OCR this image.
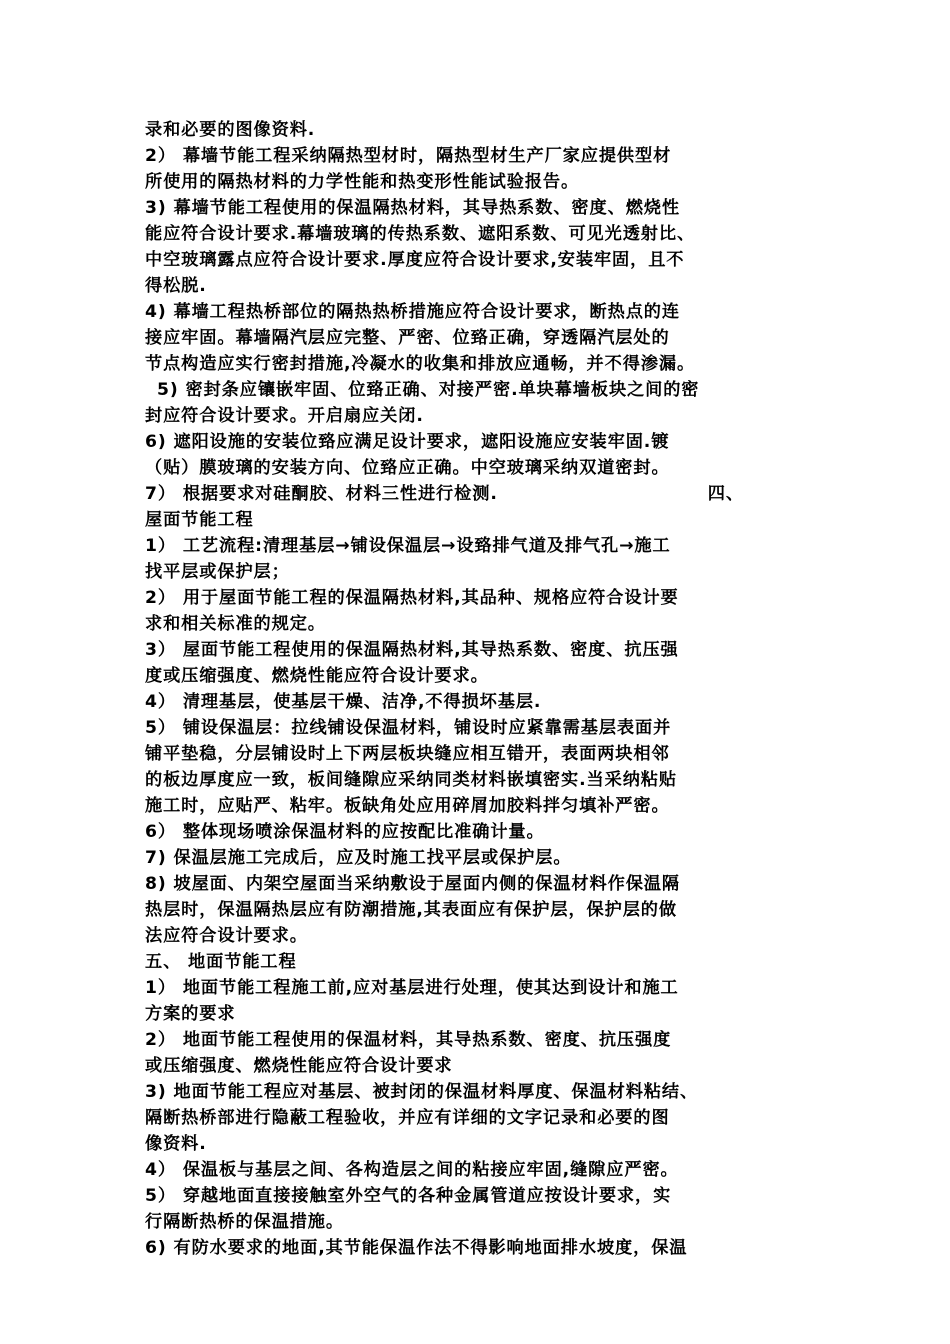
录和必要的图像资料.
2） 幕墙节能工程采纳隔热型材时，隔热型材生产厂家应提供型材
所使用的隔热材料的力学性能和热变形性能试验报告。
3) 幕墙节能工程使用的保温隔热材料，其导热系数、密度、燃烧性
能应符合设计要求.幕墙玻璃的传热系数、遮阳系数、可见光透射比、
中空玻璃露点应符合设计要求.厚度应符合设计要求,安装牢固，且不
得松脱.
4) 幕墙工程热桥部位的隔热热桥措施应符合设计要求，断热点的连
接应牢固。幕墙隔汽层应完整、严密、位臵正确，穿透隔汽层处的
节点构造应实行密封措施,冷凝水的收集和排放应通畅，并不得渗漏。
5) 密封条应镶嵌牢固、位臵正确、对接严密.单块幕墙板块之间的密
封应符合设计要求。开启扇应关闭.
6) 遮阳设施的安装位臵应满足设计要求，遮阳设施应安装牢固.镀
（贴）膜玻璃的安装方向、位臵应正确。中空玻璃采纳双道密封。
7） 根据要求对硅酮胶、材料三性进行检测.	四、
屋面节能工程
1） 工艺流程:清理基层→铺设保温层→设臵排气道及排气孔→施工
找平层或保护层；
2） 用于屋面节能工程的保温隔热材料,其品种、规格应符合设计要
求和相关标准的规定。
3） 屋面节能工程使用的保温隔热材料,其导热系数、密度、抗压强
度或压缩强度、燃烧性能应符合设计要求。
4） 清理基层，使基层干燥、洁净,不得损坏基层.
5） 铺设保温层：拉线铺设保温材料，铺设时应紧靠需基层表面并
铺平垫稳，分层铺设时上下两层板块缝应相互错开，表面两块相邻
的板边厚度应一致，板间缝隙应采纳同类材料嵌填密实.当采纳粘贴
施工时，应贴严、粘牢。板缺角处应用碎屑加胶料拌匀填补严密。
6） 整体现场喷涂保温材料的应按配比准确计量。
7) 保温层施工完成后，应及时施工找平层或保护层。
8) 坡屋面、内架空屋面当采纳敷设于屋面内侧的保温材料作保温隔
热层时，保温隔热层应有防潮措施,其表面应有保护层，保护层的做
法应符合设计要求。
五、 地面节能工程
1） 地面节能工程施工前,应对基层进行处理，使其达到设计和施工
方案的要求
2） 地面节能工程使用的保温材料，其导热系数、密度、抗压强度
或压缩强度、燃烧性能应符合设计要求
3) 地面节能工程应对基层、被封闭的保温材料厚度、保温材料粘结、
隔断热桥部进行隐蔽工程验收，并应有详细的文字记录和必要的图
像资料.
4） 保温板与基层之间、各构造层之间的粘接应牢固,缝隙应严密。
5） 穿越地面直接接触室外空气的各种金属管道应按设计要求，实
行隔断热桥的保温措施。
6) 有防水要求的地面,其节能保温作法不得影响地面排水坡度，保温
